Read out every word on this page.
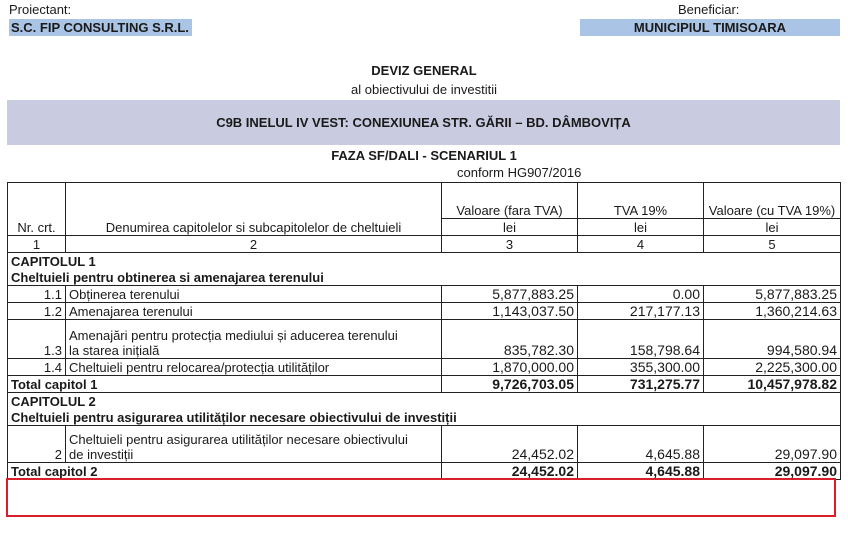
Proiectant:
S.C. FIP CONSULTING S.R.L.
Beneficiar:
MUNICIPIUL TIMISOARA
DEVIZ GENERAL
al obiectivului de investitii
C9B INELUL IV VEST: CONEXIUNEA STR. GĂRII – BD. DÂMBOVIȚA
FAZA SF/DALI - SCENARIUL 1
conform HG907/2016
Nr. crt.	Denumirea capitolelor si subcapitolelor de cheltuieli	Valoare (fara TVA)	TVA 19%	Valoare (cu TVA 19%)
		lei	lei	lei
1	2	3	4	5
CAPITOLUL 1				
Cheltuieli pentru obtinerea si amenajarea terenului				
1.1	Obținerea terenului	5,877,883.25	0.00	5,877,883.25
1.2	Amenajarea terenului	1,143,037.50	217,177.13	1,360,214.63
1.3	Amenajări pentru protecția mediului și aducerea terenului
la starea inițială	835,782.30	158,798.64	994,580.94
1.4	Cheltuieli pentru relocarea/protecția utilităților	1,870,000.00	355,300.00	2,225,300.00
Total capitol 1		9,726,703.05	731,275.77	10,457,978.82
CAPITOLUL 2				
Cheltuieli pentru asigurarea utilităților necesare obiectivului de investiții				
2	Cheltuieli pentru asigurarea utilităților necesare obiectivului
de investiții	24,452.02	4,645.88	29,097.90
Total capitol 2		24,452.02	4,645.88	29,097.90
